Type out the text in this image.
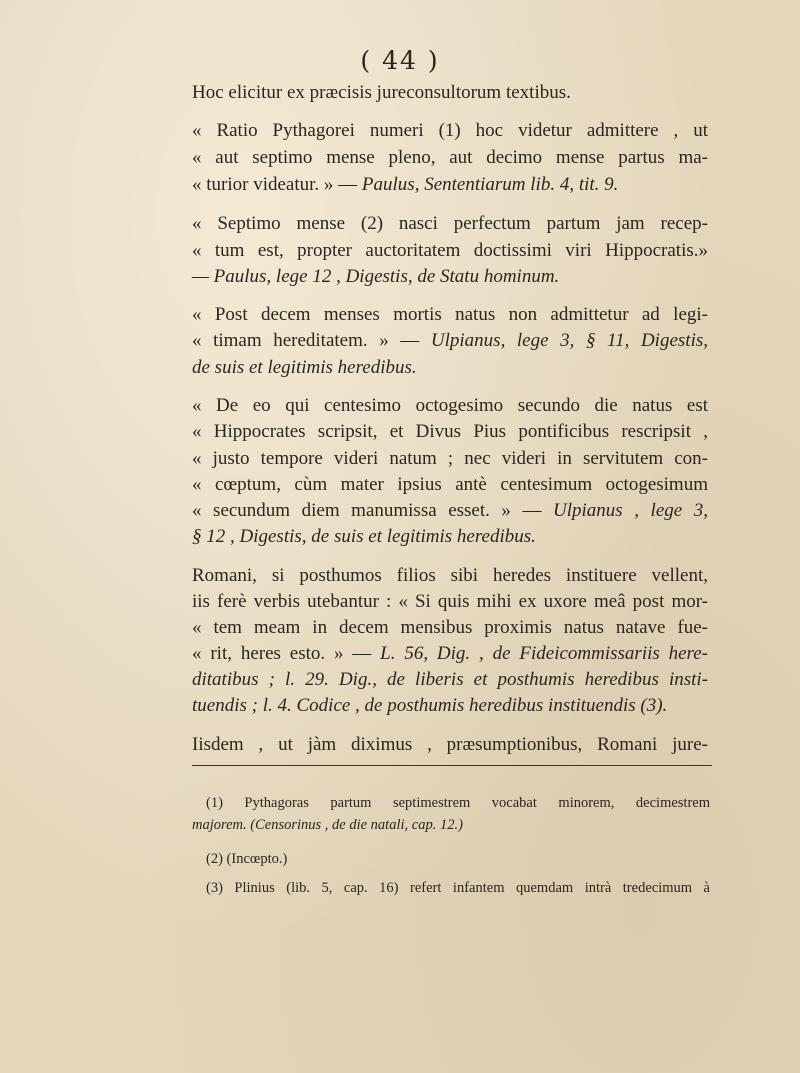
( 44 )
Hoc elicitur ex præcisis jureconsultorum textibus.
« Ratio Pythagorei numeri (1) hoc videtur admittere , ut
« aut septimo mense pleno, aut decimo mense partus ma-
« turior videatur. » — Paulus, Sententiarum lib. 4, tit. 9.
« Septimo mense (2) nasci perfectum partum jam recep-
« tum est, propter auctoritatem doctissimi viri Hippocratis.»
— Paulus, lege 12 , Digestis, de Statu hominum.
« Post decem menses mortis natus non admittetur ad legi-
« timam hereditatem. » — Ulpianus, lege 3, § 11, Digestis,
de suis et legitimis heredibus.
« De eo qui centesimo octogesimo secundo die natus est
« Hippocrates scripsit, et Divus Pius pontificibus rescripsit ,
« justo tempore videri natum ; nec videri in servitutem con-
« cœptum, cùm mater ipsius antè centesimum octogesimum
« secundum diem manumissa esset. » — Ulpianus , lege 3,
§ 12 , Digestis, de suis et legitimis heredibus.
Romani, si posthumos filios sibi heredes instituere vellent,
iis ferè verbis utebantur : « Si quis mihi ex uxore meâ post mor-
« tem meam in decem mensibus proximis natus natave fue-
« rit, heres esto. » — L. 56, Dig. , de Fideicommissariis here-
ditatibus ; l. 29. Dig., de liberis et posthumis heredibus insti-
tuendis ; l. 4. Codice , de posthumis heredibus instituendis (3).
Iisdem , ut jàm diximus , præsumptionibus, Romani jure-
(1) Pythagoras partum septimestrem vocabat minorem, decimestrem
majorem. (Censorinus , de die natali, cap. 12.)
(2) (Incœpto.)
(3) Plinius (lib. 5, cap. 16) refert infantem quemdam intrà tredecimum à
